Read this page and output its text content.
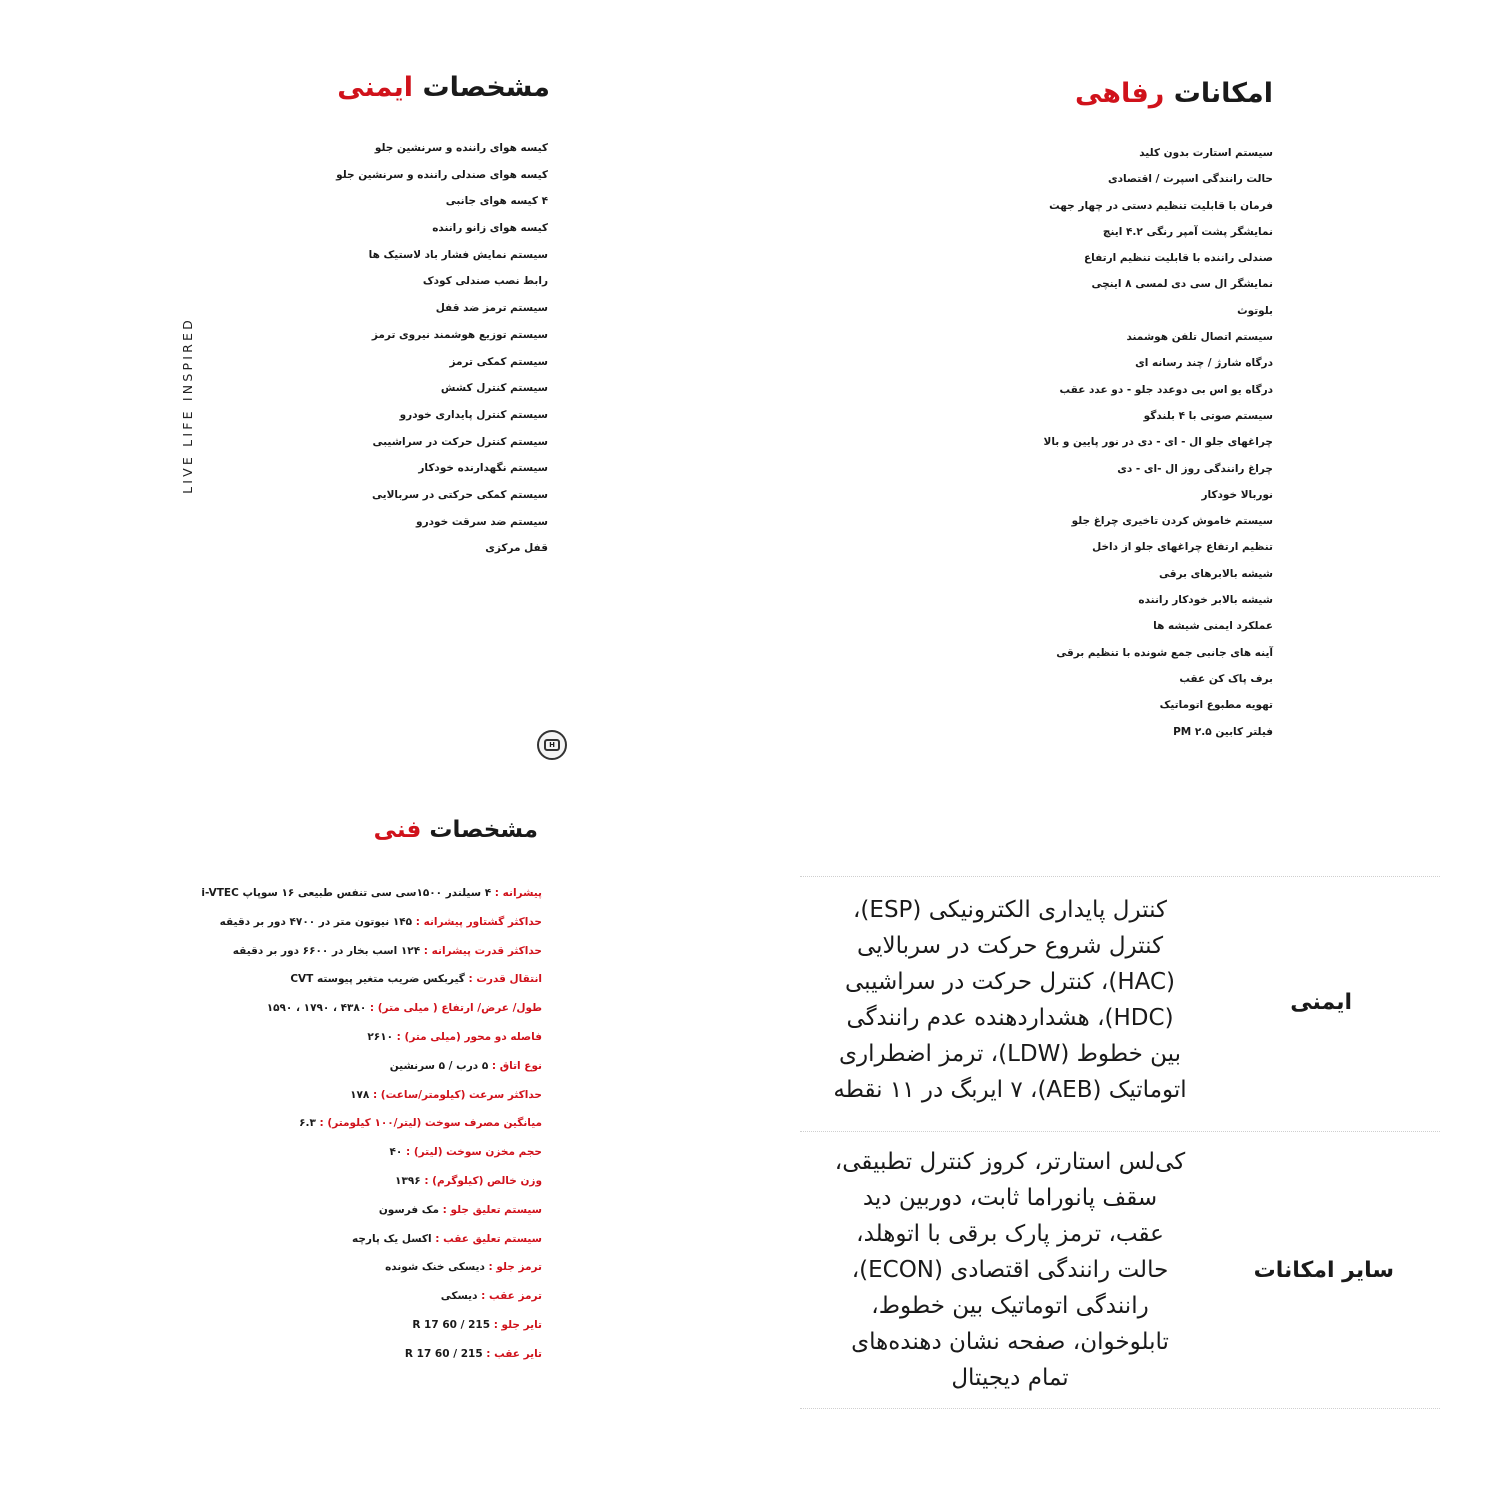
مشخصات ایمنی
کیسه هوای راننده و سرنشین جلو
کیسه هوای صندلی راننده و سرنشین جلو
۴ کیسه هوای جانبی
کیسه هوای زانو راننده
سیستم نمایش فشار باد لاستیک ها
رابط نصب صندلی کودک
سیستم ترمز ضد قفل
سیستم توزیع هوشمند نیروی ترمز
سیستم کمکی ترمز
سیستم کنترل کشش
سیستم کنترل پایداری خودرو
سیستم کنترل حرکت در سراشیبی
سیستم نگهدارنده خودکار
سیستم کمکی حرکتی در سربالایی
سیستم ضد سرقت خودرو
قفل مرکزی
امکانات رفاهی
سیستم استارت بدون کلید
حالت رانندگی اسپرت / اقتصادی
فرمان با قابلیت تنظیم دستی در چهار جهت
نمایشگر پشت آمپر رنگی ۴.۲ اینچ
صندلی راننده با قابلیت تنظیم ارتفاع
نمایشگر ال سی دی لمسی ۸ اینچی
بلوتوث
سیستم اتصال تلفن هوشمند
درگاه شارژ / چند رسانه ای
درگاه یو اس بی دوعدد جلو - دو عدد عقب
سیستم صوتی با ۴ بلندگو
چراغهای جلو ال - ای - دی در نور پایین و بالا
چراغ رانندگی روز ال -ای - دی
نوربالا خودکار
سیستم خاموش کردن تاخیری چراغ جلو
تنظیم ارتفاع چراغهای جلو از داخل
شیشه بالابرهای برقی
شیشه بالابر خودکار راننده
عملکرد ایمنی شیشه ها
آینه های جانبی جمع شونده با تنظیم برقی
برف پاک کن عقب
تهویه مطبوع اتوماتیک
فیلتر کابین PM ۲.۵
LIVE LIFE INSPIRED
H
مشخصات فنی
پیشرانه : ۴ سیلندر ۱۵۰۰سی سی تنفس طبیعی ۱۶ سوپاپ i-VTEC
حداکثر گشتاور پیشرانه : ۱۴۵ نیوتون متر در ۴۷۰۰ دور بر دقیقه
حداکثر قدرت پیشرانه : ۱۲۴ اسب بخار در ۶۶۰۰ دور بر دقیقه
انتقال قدرت : گیربکس ضریب متغیر پیوسته CVT
طول/ عرض/ ارتفاع ( میلی متر) : ۴۳۸۰ ، ۱۷۹۰ ، ۱۵۹۰
فاصله دو محور (میلی متر) : ۲۶۱۰
نوع اتاق : ۵ درب / ۵ سرنشین
حداکثر سرعت (کیلومتر/ساعت) : ۱۷۸
میانگین مصرف سوخت (لیتر/۱۰۰ کیلومتر) : ۶.۳
حجم مخزن سوخت (لیتر) : ۴۰
وزن خالص (کیلوگرم) : ۱۳۹۶
سیستم تعلیق جلو : مک فرسون
سیستم تعلیق عقب : اکسل یک پارچه
ترمز جلو : دیسکی خنک شونده
ترمز عقب : دیسکی
تایر جلو : 215 / 60 R 17
تایر عقب : 215 / 60 R 17
ایمنی
کنترل پایداری الکترونیکی (ESP)،
کنترل شروع حرکت در سربالایی
(HAC)، کنترل حرکت در سراشیبی
(HDC)، هشداردهنده عدم رانندگی
بین خطوط (LDW)، ترمز اضطراری
اتوماتیک (AEB)، ۷ ایربگ در ۱۱ نقطه
سایر امکانات
کی‌لس استارتر، کروز کنترل تطبیقی،
سقف پانوراما ثابت، دوربین دید
عقب، ترمز پارک برقی با اتوهلد،
حالت رانندگی اقتصادی (ECON)،
رانندگی اتوماتیک بین خطوط،
تابلوخوان، صفحه نشان دهنده‌های
تمام دیجیتال
